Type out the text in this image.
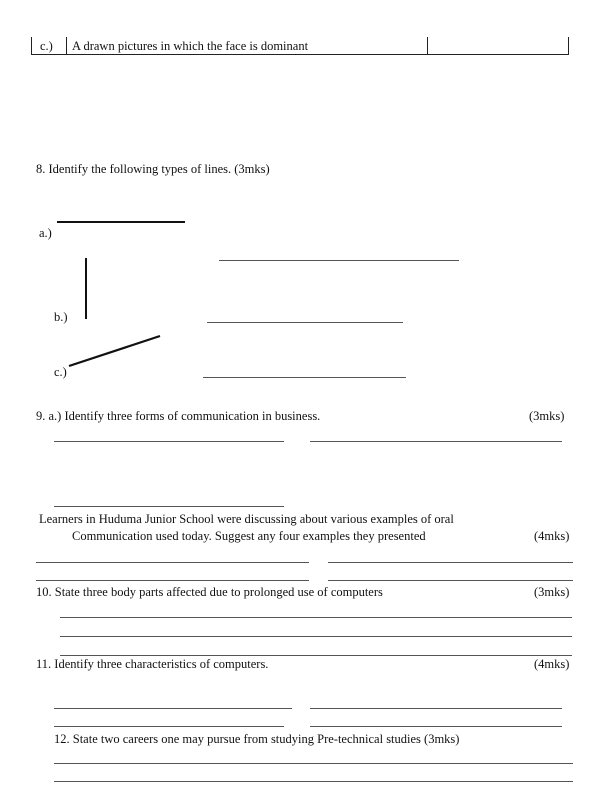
c.) A drawn pictures in which the face is dominant
8. Identify the following types of lines. (3mks)
a.)
b.)
c.)
9. a.) Identify three forms of communication in business.	(3mks)
Learners in Huduma Junior School were discussing about various examples of oral
Communication used today. Suggest any four examples they presented	(4mks)
10. State three body parts affected due to prolonged use of computers	(3mks)
11. Identify three characteristics of computers.	(4mks)
12. State two careers one may pursue from studying Pre-technical studies (3mks)
